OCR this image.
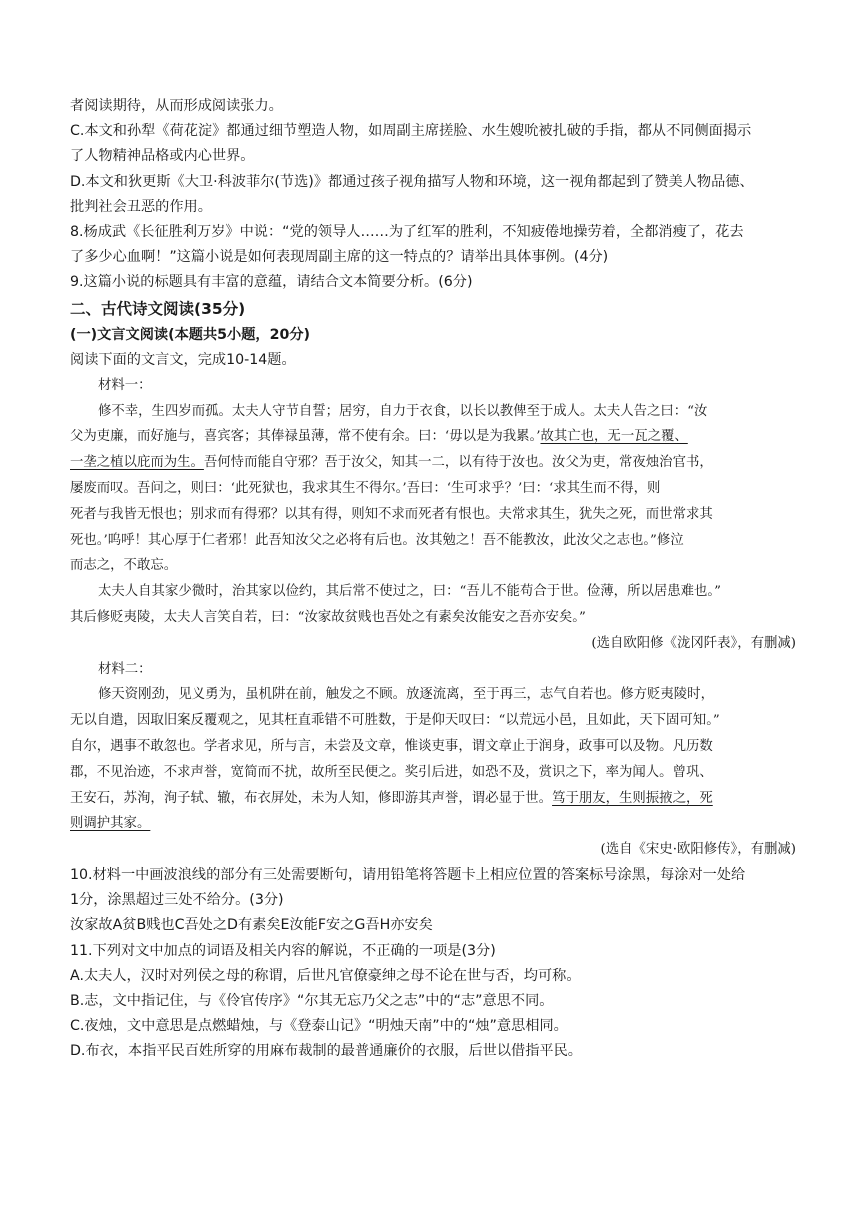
者阅读期待，从而形成阅读张力。

C.本文和孙犁《荷花淀》都通过细节塑造人物，如周副主席搓脸、水生嫂吮被扎破的手指，都从不同侧面揭示

了人物精神品格或内心世界。

D.本文和狄更斯《大卫·科波菲尔(节选)》都通过孩子视角描写人物和环境，这一视角都起到了赞美人物品德、

批判社会丑恶的作用。

8.杨成武《长征胜利万岁》中说：“党的领导人……为了红军的胜利，不知疲倦地操劳着，全都消瘦了，花去

了多少心血啊！”这篇小说是如何表现周副主席的这一特点的？请举出具体事例。(4分)

9.这篇小说的标题具有丰富的意蕴，请结合文本简要分析。(6分)

二、古代诗文阅读(35分)

(一)文言文阅读(本题共5小题，20分)

阅读下面的文言文，完成10-14题。

材料一：

修不幸，生四岁而孤。太夫人守节自誓；居穷，自力于衣食，以长以教俾至于成人。太夫人告之曰：“汝

父为吏廉，而好施与，喜宾客；其俸禄虽薄，常不使有余。曰：‘毋以是为我累。’故其亡也，无一瓦之覆、

一垄之植以庇而为生。吾何恃而能自守邪？吾于汝父，知其一二，以有待于汝也。汝父为吏，常夜烛治官书，

屡废而叹。吾问之，则曰：‘此死狱也，我求其生不得尔。’吾曰：‘生可求乎？’曰：‘求其生而不得，则

死者与我皆无恨也；别求而有得邪？以其有得，则知不求而死者有恨也。夫常求其生，犹失之死，而世常求其

死也。’呜呼！其心厚于仁者邪！此吾知汝父之必将有后也。汝其勉之！吾不能教汝，此汝父之志也。”修泣

而志之，不敢忘。

太夫人自其家少微时，治其家以俭约，其后常不使过之，曰：“吾儿不能苟合于世。俭薄，所以居患难也。”

其后修贬夷陵，太夫人言笑自若，曰：“汝家故贫贱也吾处之有素矣汝能安之吾亦安矣。”

(选自欧阳修《泷冈阡表》，有删减)

材料二：

修天资刚劲，见义勇为，虽机阱在前，触发之不顾。放逐流离，至于再三，志气自若也。修方贬夷陵时，

无以自遣，因取旧案反覆观之，见其枉直乖错不可胜数，于是仰天叹曰：“以荒远小邑，且如此，天下固可知。”

自尔，遇事不敢忽也。学者求见，所与言，未尝及文章，惟谈吏事，谓文章止于润身，政事可以及物。凡历数

郡，不见治迹，不求声誉，宽简而不扰，故所至民便之。奖引后进，如恐不及，赏识之下，率为闻人。曾巩、

王安石，苏洵，洵子轼、辙，布衣屏处，未为人知，修即游其声誉，谓必显于世。笃于朋友，生则振掖之，死

则调护其家。

(选自《宋史·欧阳修传》，有删减)

10.材料一中画波浪线的部分有三处需要断句，请用铅笔将答题卡上相应位置的答案标号涂黑，每涂对一处给

1分，涂黑超过三处不给分。(3分)

汝家故A贫B贱也C吾处之D有素矣E汝能F安之G吾H亦安矣

11.下列对文中加点的词语及相关内容的解说，不正确的一项是(3分)

A.太夫人，汉时对列侯之母的称谓，后世凡官僚豪绅之母不论在世与否，均可称。

B.志，文中指记住，与《伶官传序》“尔其无忘乃父之志”中的“志”意思不同。

C.夜烛，文中意思是点燃蜡烛，与《登泰山记》“明烛天南”中的“烛”意思相同。

D.布衣，本指平民百姓所穿的用麻布裁制的最普通廉价的衣服，后世以借指平民。
